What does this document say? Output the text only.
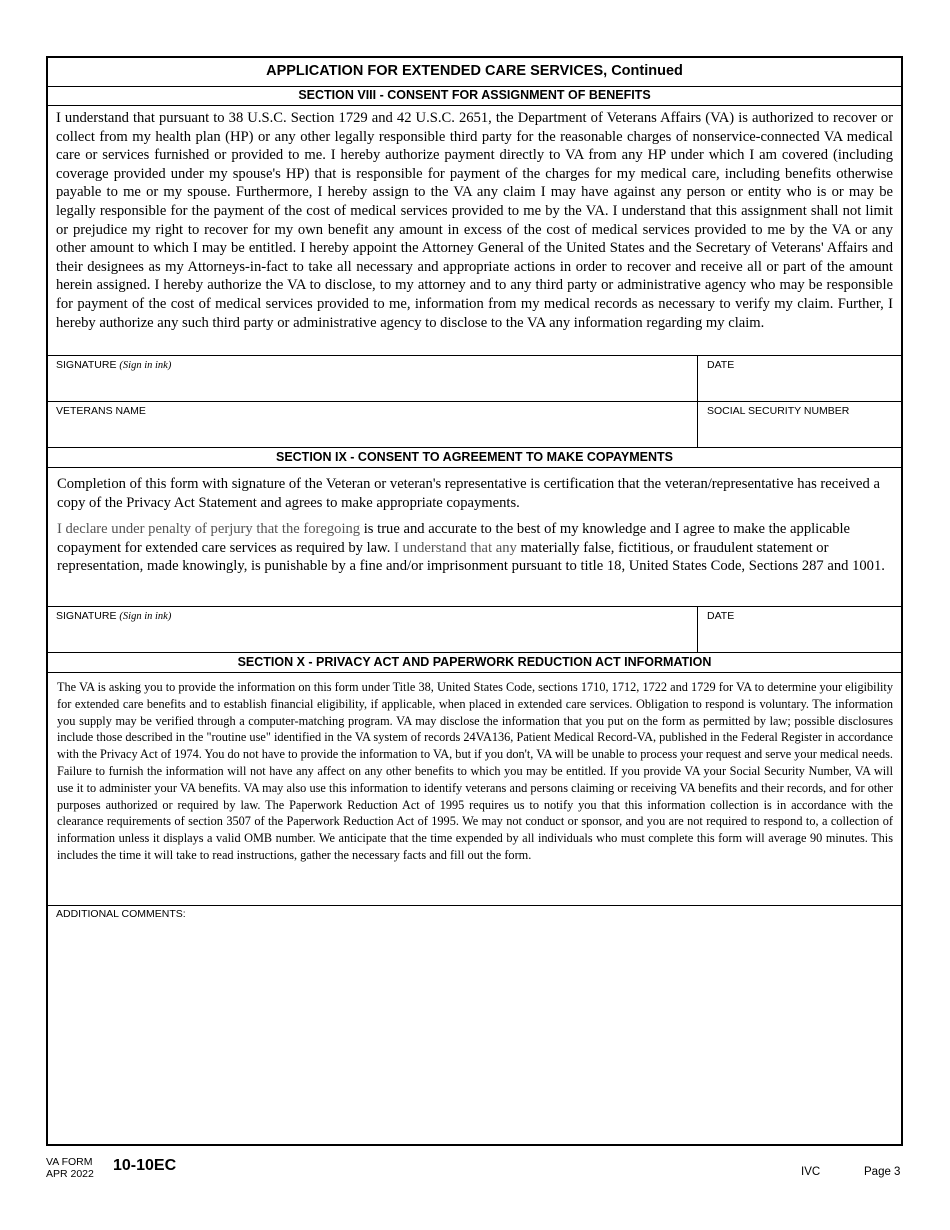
APPLICATION FOR EXTENDED CARE SERVICES, Continued
SECTION VIII - CONSENT FOR ASSIGNMENT OF BENEFITS
I understand that pursuant to 38 U.S.C. Section 1729 and 42 U.S.C. 2651, the Department of Veterans Affairs (VA) is authorized to recover or collect from my health plan (HP) or any other legally responsible third party for the reasonable charges of nonservice-connected VA medical care or services furnished or provided to me. I hereby authorize payment directly to VA from any HP under which I am covered (including coverage provided under my spouse's HP) that is responsible for payment of the charges for my medical care, including benefits otherwise payable to me or my spouse. Furthermore, I hereby assign to the VA any claim I may have against any person or entity who is or may be legally responsible for the payment of the cost of medical services provided to me by the VA. I understand that this assignment shall not limit or prejudice my right to recover for my own benefit any amount in excess of the cost of medical services provided to me by the VA or any other amount to which I may be entitled. I hereby appoint the Attorney General of the United States and the Secretary of Veterans' Affairs and their designees as my Attorneys-in-fact to take all necessary and appropriate actions in order to recover and receive all or part of the amount herein assigned. I hereby authorize the VA to disclose, to my attorney and to any third party or administrative agency who may be responsible for payment of the cost of medical services provided to me, information from my medical records as necessary to verify my claim. Further, I hereby authorize any such third party or administrative agency to disclose to the VA any information regarding my claim.
SIGNATURE (Sign in ink)	DATE
VETERANS NAME	SOCIAL SECURITY NUMBER
SECTION IX - CONSENT TO AGREEMENT TO MAKE COPAYMENTS

Completion of this form with signature of the Veteran or veteran's representative is certification that the veteran/representative has received a copy of the Privacy Act Statement and agrees to make appropriate copayments.

I declare under penalty of perjury that the foregoing is true and accurate to the best of my knowledge and I agree to make the applicable copayment for extended care services as required by law. I understand that any materially false, fictitious, or fraudulent statement or representation, made knowingly, is punishable by a fine and/or imprisonment pursuant to title 18, United States Code, Sections 287 and 1001.

SIGNATURE (Sign in ink)	DATE
SECTION X - PRIVACY ACT AND PAPERWORK REDUCTION ACT INFORMATION
The VA is asking you to provide the information on this form under Title 38, United States Code, sections 1710, 1712, 1722 and 1729 for VA to determine your eligibility for extended care benefits and to establish financial eligibility, if applicable, when placed in extended care services. Obligation to respond is voluntary. The information you supply may be verified through a computer-matching program. VA may disclose the information that you put on the form as permitted by law; possible disclosures include those described in the "routine use" identified in the VA system of records 24VA136, Patient Medical Record-VA, published in the Federal Register in accordance with the Privacy Act of 1974. You do not have to provide the information to VA, but if you don't, VA will be unable to process your request and serve your medical needs. Failure to furnish the information will not have any affect on any other benefits to which you may be entitled. If you provide VA your Social Security Number, VA will use it to administer your VA benefits. VA may also use this information to identify veterans and persons claiming or receiving VA benefits and their records, and for other purposes authorized or required by law. The Paperwork Reduction Act of 1995 requires us to notify you that this information collection is in accordance with the clearance requirements of section 3507 of the Paperwork Reduction Act of 1995. We may not conduct or sponsor, and you are not required to respond to, a collection of information unless it displays a valid OMB number. We anticipate that the time expended by all individuals who must complete this form will average 90 minutes. This includes the time it will take to read instructions, gather the necessary facts and fill out the form.
ADDITIONAL COMMENTS:
VA FORM
APR 2022 10-10EC	IVC	Page 3
